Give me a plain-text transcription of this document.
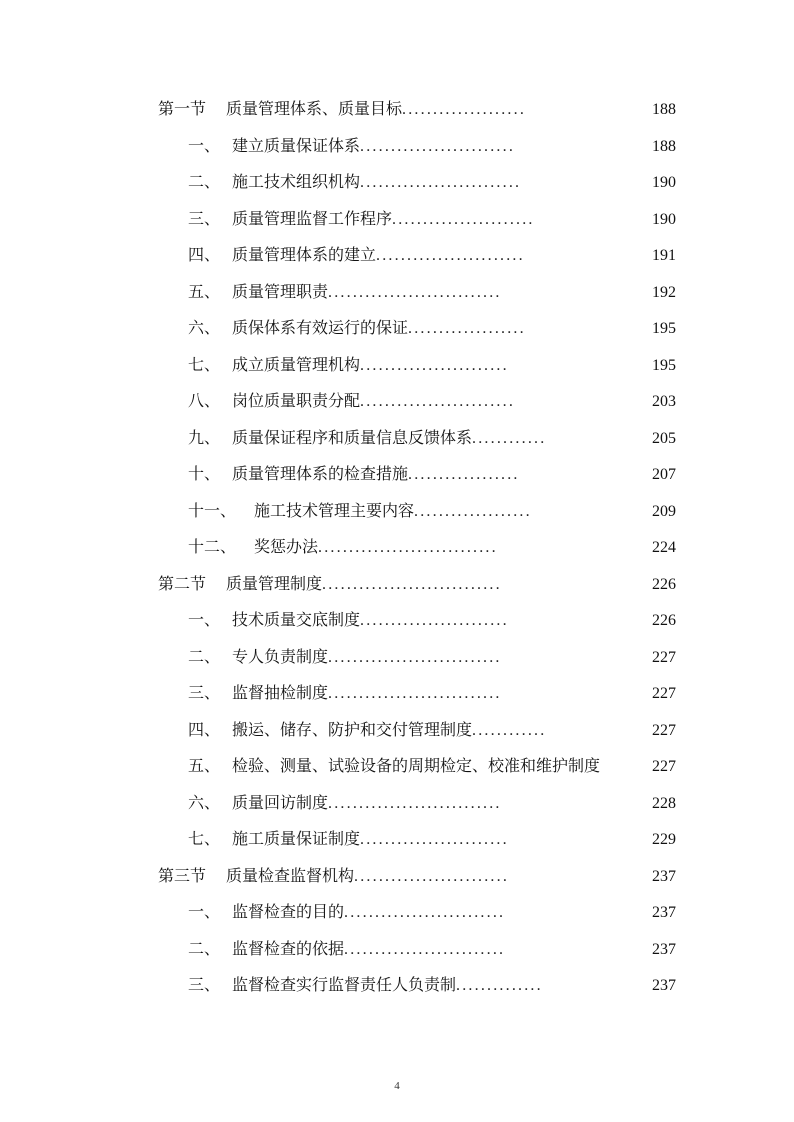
第一节	质量管理体系、质量目标 ....................	188
一、 建立质量保证体系 .........................	188
二、 施工技术组织机构 ..........................	190
三、 质量管理监督工作程序 .......................	190
四、 质量管理体系的建立 ........................	191
五、 质量管理职责 ............................	192
六、 质保体系有效运行的保证 ...................	195
七、 成立质量管理机构 ........................	195
八、 岗位质量职责分配 .........................	203
九、 质量保证程序和质量信息反馈体系 ............	205
十、 质量管理体系的检查措施 ..................	207
十一、	施工技术管理主要内容 ...................	209
十二、	奖惩办法 .............................	224
第二节	质量管理制度 .............................	226
一、 技术质量交底制度 ........................	226
二、 专人负责制度 ............................	227
三、 监督抽检制度 ............................	227
四、 搬运、储存、防护和交付管理制度 ............	227
五、 检验、测量、试验设备的周期检定、校准和维护制度	227
六、 质量回访制度 ............................	228
七、 施工质量保证制度 ........................	229
第三节	质量检查监督机构 .........................	237
一、 监督检查的目的 ..........................	237
二、 监督检查的依据 ..........................	237
三、 监督检查实行监督责任人负责制 ..............	237
4
